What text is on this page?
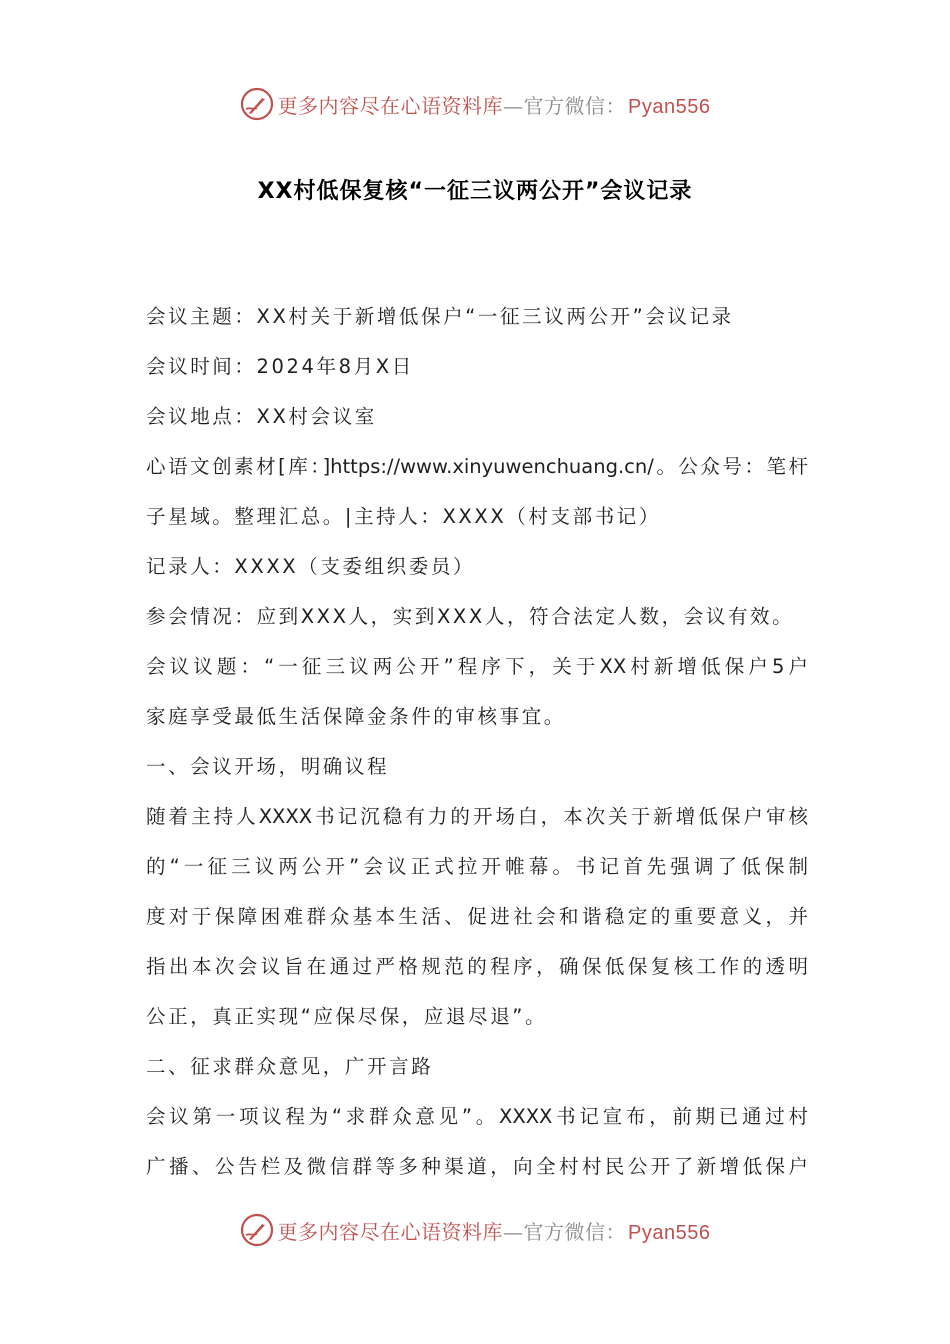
更多内容尽在心语资料库—官方微信： Pyan556
XX村低保复核“一征三议两公开”会议记录
会议主题：XX村关于新增低保户“一征三议两公开”会议记录
会议时间：2024年8月X日
会议地点：XX村会议室
心语文创素材[库：]https://www.xinyuwenchuang.cn/。公众号：笔杆
子星域。整理汇总。|主持人：XXXX（村支部书记）
记录人：XXXX（支委组织委员）
参会情况：应到XXX人，实到XXX人，符合法定人数，会议有效。
会议议题：“一征三议两公开”程序下，关于XX村新增低保户5户
家庭享受最低生活保障金条件的审核事宜。
一、会议开场，明确议程
随着主持人XXXX书记沉稳有力的开场白，本次关于新增低保户审核
的“一征三议两公开”会议正式拉开帷幕。书记首先强调了低保制
度对于保障困难群众基本生活、促进社会和谐稳定的重要意义，并
指出本次会议旨在通过严格规范的程序，确保低保复核工作的透明
公正，真正实现“应保尽保，应退尽退”。
二、征求群众意见，广开言路
会议第一项议程为“求群众意见”。XXXX书记宣布，前期已通过村
广播、公告栏及微信群等多种渠道，向全村村民公开了新增低保户
更多内容尽在心语资料库—官方微信： Pyan556
